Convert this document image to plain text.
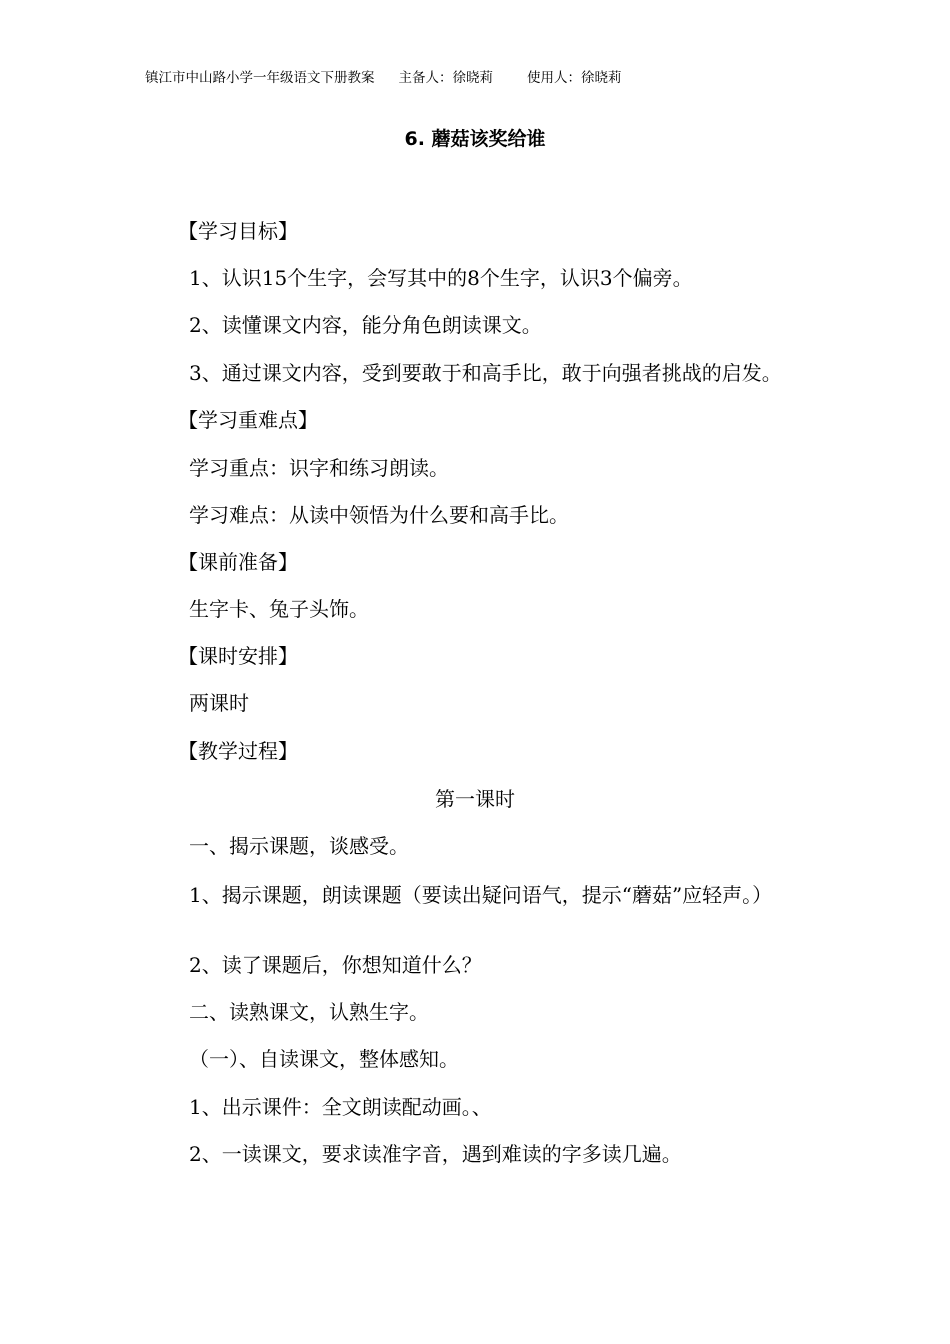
镇江市中山路小学一年级语文下册教案 主备人：徐晓莉	使用人：徐晓莉
6. 蘑菇该奖给谁
【学习目标】
1、认识15个生字，会写其中的8个生字，认识3个偏旁。
2、读懂课文内容，能分角色朗读课文。
3、通过课文内容，受到要敢于和高手比，敢于向强者挑战的启发。
【学习重难点】
学习重点：识字和练习朗读。
学习难点：从读中领悟为什么要和高手比。
【课前准备】
生字卡、兔子头饰。
【课时安排】
两课时
【教学过程】
第一课时
一、揭示课题，谈感受。
1、揭示课题，朗读课题（要读出疑问语气，提示“蘑菇”应轻声。）
2、读了课题后，你想知道什么？
二、读熟课文，认熟生字。
（一）、自读课文，整体感知。
1、出示课件：全文朗读配动画。、
2、一读课文，要求读准字音，遇到难读的字多读几遍。
